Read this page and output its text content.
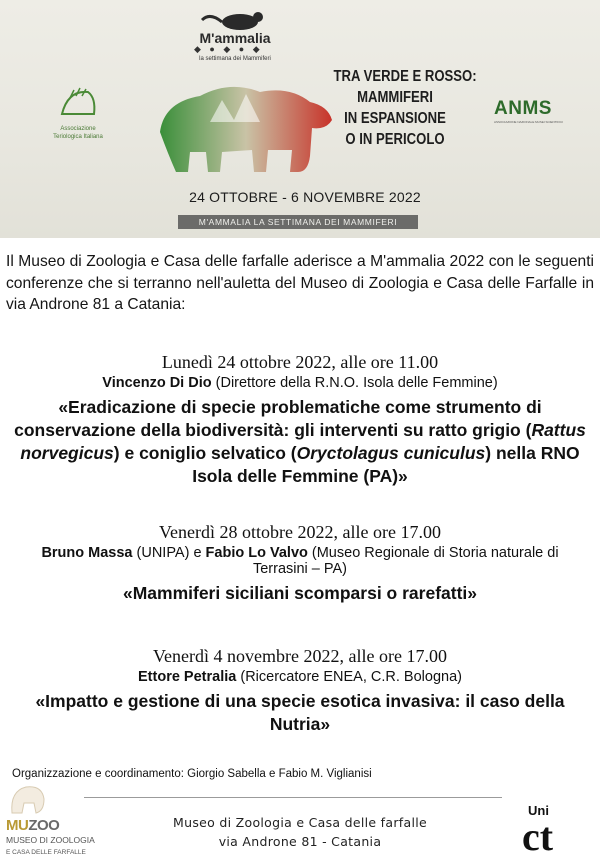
M'ammalia
la settimana dei Mammiferi
◆ ● ◆ ● ◆
Associazione Teriologica Italiana
TRA VERDE E ROSSO:
MAMMIFERI
IN ESPANSIONE
O IN PERICOLO
ANMS
ASSOCIAZIONE NAZIONALE MUSEI SCIENTIFICI
24 OTTOBRE - 6 NOVEMBRE 2022
M'AMMALIA LA SETTIMANA DEI MAMMIFERI
Il Museo di Zoologia e Casa delle farfalle aderisce a M'ammalia 2022 con le seguenti conferenze che si terranno nell'auletta del Museo di Zoologia e Casa delle Farfalle in via Androne 81 a Catania:
Lunedì 24 ottobre 2022, alle ore 11.00
Vincenzo Di Dio (Direttore della R.N.O. Isola delle Femmine)
«Eradicazione di specie problematiche come strumento di conservazione della biodiversità: gli interventi su ratto grigio (Rattus norvegicus) e coniglio selvatico (Oryctolagus cuniculus) nella RNO Isola delle Femmine (PA)»
Venerdì 28 ottobre 2022, alle ore 17.00
Bruno Massa (UNIPA) e Fabio Lo Valvo (Museo Regionale di Storia naturale di Terrasini – PA)
«Mammiferi siciliani scomparsi o rarefatti»
Venerdì 4 novembre 2022, alle ore 17.00
Ettore Petralia (Ricercatore ENEA, C.R. Bologna)
«Impatto e gestione di una specie esotica invasiva: il caso della Nutria»
Organizzazione e coordinamento: Giorgio Sabella e Fabio M. Viglianisi
MUZOO
MUSEO DI ZOOLOGIA
E CASA DELLE FARFALLE
Museo di Zoologia e Casa delle farfalle
via Androne 81 - Catania
Uni
ct
